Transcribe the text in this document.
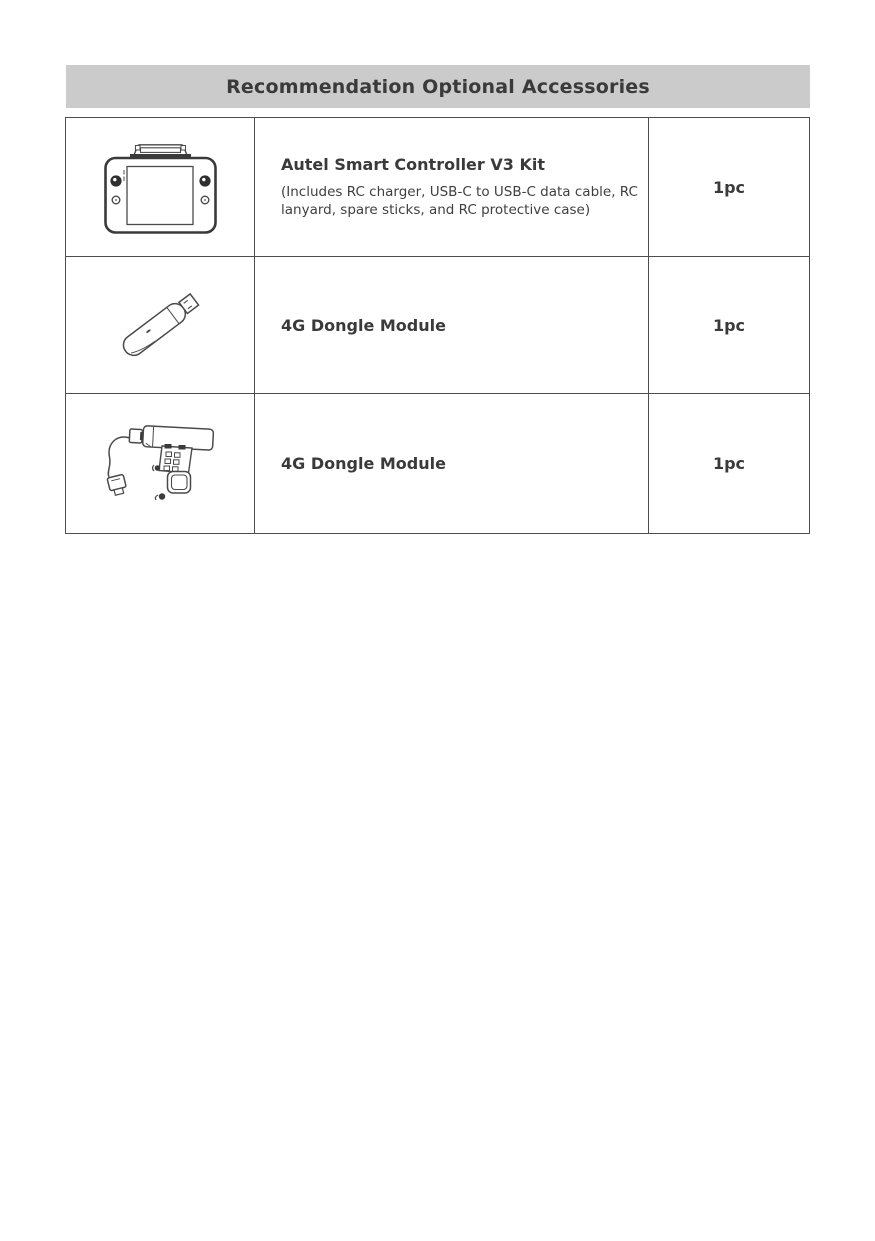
Recommendation Optional Accessories
Autel Smart Controller V3 Kit
(Includes RC charger, USB-C to USB-C data cable, RC lanyard, spare sticks, and RC protective case)
1pc
4G Dongle Module	1pc
4G Dongle Module	1pc
